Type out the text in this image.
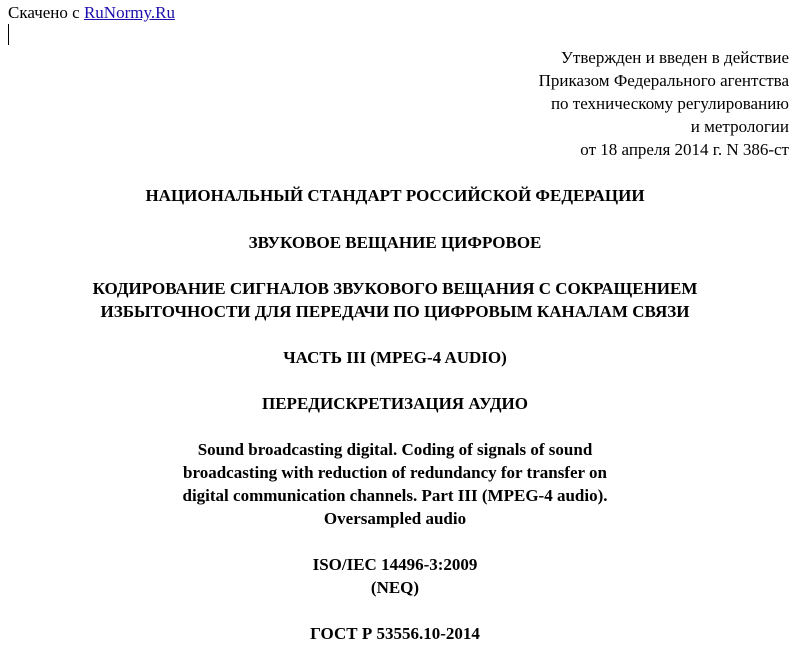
Скачено с RuNormy.Ru
Утвержден и введен в действие
Приказом Федерального агентства
по техническому регулированию
и метрологии
от 18 апреля 2014 г. N 386-ст
НАЦИОНАЛЬНЫЙ СТАНДАРТ РОССИЙСКОЙ ФЕДЕРАЦИИ
ЗВУКОВОЕ ВЕЩАНИЕ ЦИФРОВОЕ
КОДИРОВАНИЕ СИГНАЛОВ ЗВУКОВОГО ВЕЩАНИЯ С СОКРАЩЕНИЕМ
ИЗБЫТОЧНОСТИ ДЛЯ ПЕРЕДАЧИ ПО ЦИФРОВЫМ КАНАЛАМ СВЯЗИ
ЧАСТЬ III (MPEG-4 AUDIO)
ПЕРЕДИСКРЕТИЗАЦИЯ АУДИО
Sound broadcasting digital. Coding of signals of sound
broadcasting with reduction of redundancy for transfer on
digital communication channels. Part III (MPEG-4 audio).
Oversampled audio
ISO/IEC 14496-3:2009
(NEQ)
ГОСТ Р 53556.10-2014
